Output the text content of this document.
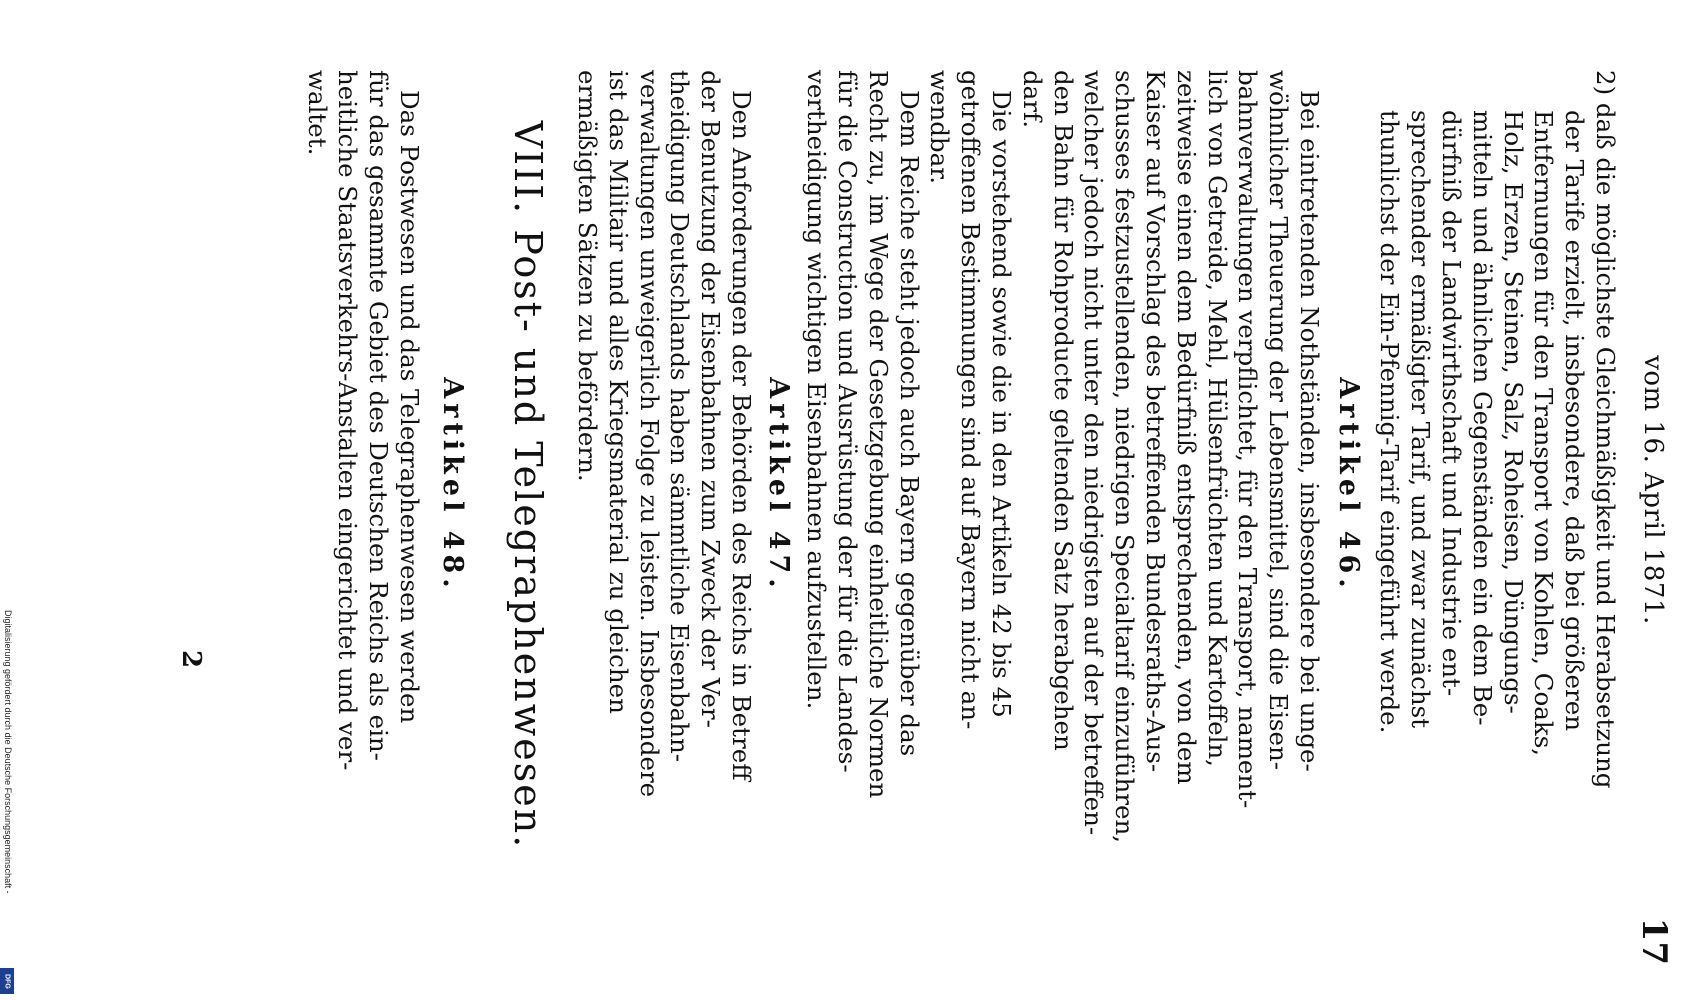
Digitalisierung gefördert durch die Deutsche Forschungsgemeinschaft -
DFG
vom 16. April 1871.
17
2) daß die möglichste Gleichmäßigkeit und Herabsetzung
der Tarife erzielt, insbesondere, daß bei größeren
Entfernungen für den Transport von Kohlen, Coaks,
Holz, Erzen, Steinen, Salz, Roheisen, Düngungs-
mitteln und ähnlichen Gegenständen ein dem Be-
dürfniß der Landwirthschaft und Industrie ent-
sprechender ermäßigter Tarif, und zwar zunächst
thunlichst der Ein-Pfennig-Tarif eingeführt werde.
Artikel 46.
Bei eintretenden Nothständen, insbesondere bei unge-
wöhnlicher Theuerung der Lebensmittel, sind die Eisen-
bahnverwaltungen verpflichtet, für den Transport, nament-
lich von Getreide, Mehl, Hülsenfrüchten und Kartoffeln,
zeitweise einen dem Bedürfniß entsprechenden, von dem
Kaiser auf Vorschlag des betreffenden Bundesraths-Aus-
schusses festzustellenden, niedrigen Specialtarif einzuführen,
welcher jedoch nicht unter den niedrigsten auf der betreffen-
den Bahn für Rohproducte geltenden Satz herabgehen
darf.
Die vorstehend sowie die in den Artikeln 42 bis 45
getroffenen Bestimmungen sind auf Bayern nicht an-
wendbar.
Dem Reiche steht jedoch auch Bayern gegenüber das
Recht zu, im Wege der Gesetzgebung einheitliche Normen
für die Construction und Ausrüstung der für die Landes-
vertheidigung wichtigen Eisenbahnen aufzustellen.
Artikel 47.
Den Anforderungen der Behörden des Reichs in Betreff
der Benutzung der Eisenbahnen zum Zweck der Ver-
theidigung Deutschlands haben sämmtliche Eisenbahn-
verwaltungen unweigerlich Folge zu leisten. Insbesondere
ist das Militair und alles Kriegsmaterial zu gleichen
ermäßigten Sätzen zu befördern.
VIII. Post- und Telegraphenwesen.
Artikel 48.
Das Postwesen und das Telegraphenwesen werden
für das gesammte Gebiet des Deutschen Reichs als ein-
heitliche Staatsverkehrs-Anstalten eingerichtet und ver-
waltet.
2
